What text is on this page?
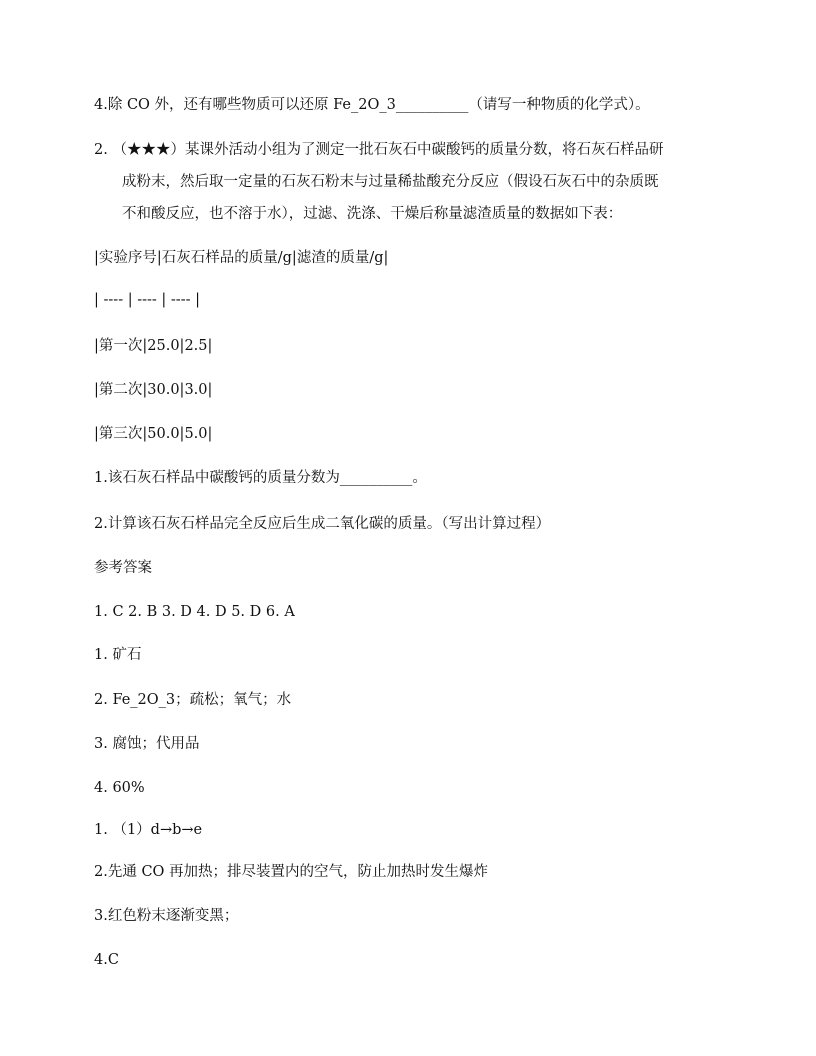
4.除 CO 外，还有哪些物质可以还原 Fe_2O_3__________（请写一种物质的化学式）。
2. （★★★）某课外活动小组为了测定一批石灰石中碳酸钙的质量分数，将石灰石样品研
成粉末，然后取一定量的石灰石粉末与过量稀盐酸充分反应（假设石灰石中的杂质既
不和酸反应，也不溶于水），过滤、洗涤、干燥后称量滤渣质量的数据如下表：
|实验序号|石灰石样品的质量/g|滤渣的质量/g|
| ---- | ---- | ---- |
|第一次|25.0|2.5|
|第二次|30.0|3.0|
|第三次|50.0|5.0|
1.该石灰石样品中碳酸钙的质量分数为__________。
2.计算该石灰石样品完全反应后生成二氧化碳的质量。（写出计算过程）
参考答案
1. C 2. B 3. D 4. D 5. D 6. A
1. 矿石
2. Fe_2O_3；疏松；氧气；水
3. 腐蚀；代用品
4. 60%
1. （1）d→b→e
2.先通 CO 再加热；排尽装置内的空气，防止加热时发生爆炸
3.红色粉末逐渐变黑；
4.C
